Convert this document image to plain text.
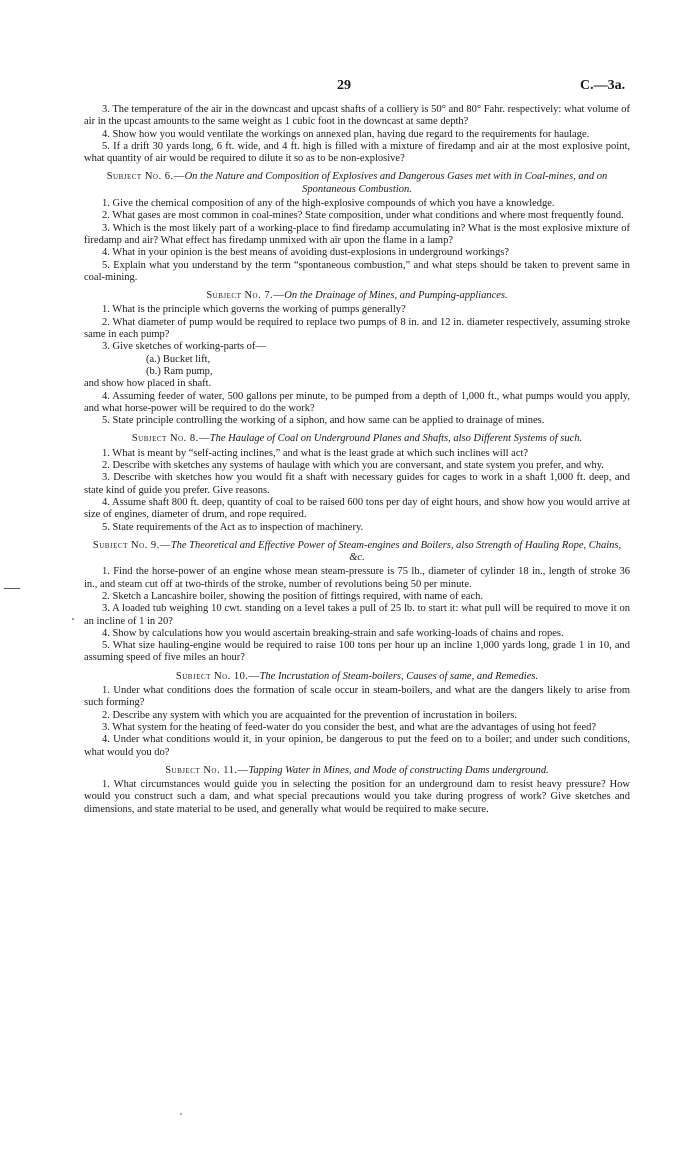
29	C.—3a.

3. The temperature of the air in the downcast and upcast shafts of a colliery is 50° and 80° Fahr. respectively: what volume of air in the upcast amounts to the same weight as 1 cubic foot in the downcast at same depth?

4. Show how you would ventilate the workings on annexed plan, having due regard to the requirements for haulage.

5. If a drift 30 yards long, 6 ft. wide, and 4 ft. high is filled with a mixture of firedamp and air at the most explosive point, what quantity of air would be required to dilute it so as to be non-explosive?

Subject No. 6.—On the Nature and Composition of Explosives and Dangerous Gases met with in Coal-mines, and on Spontaneous Combustion.

1. Give the chemical composition of any of the high-explosive compounds of which you have a knowledge.

2. What gases are most common in coal-mines? State composition, under what conditions and where most frequently found.

3. Which is the most likely part of a working-place to find firedamp accumulating in? What is the most explosive mixture of firedamp and air? What effect has firedamp unmixed with air upon the flame in a lamp?

4. What in your opinion is the best means of avoiding dust-explosions in underground workings?

5. Explain what you understand by the term “spontaneous combustion,” and what steps should be taken to prevent same in coal-mining.

Subject No. 7.—On the Drainage of Mines, and Pumping-appliances.

1. What is the principle which governs the working of pumps generally?

2. What diameter of pump would be required to replace two pumps of 8 in. and 12 in. diameter respectively, assuming stroke same in each pump?

3. Give sketches of working-parts of—

(a.) Bucket lift,

(b.) Ram pump,

and show how placed in shaft.

4. Assuming feeder of water, 500 gallons per minute, to be pumped from a depth of 1,000 ft., what pumps would you apply, and what horse-power will be required to do the work?

5. State principle controlling the working of a siphon, and how same can be applied to drainage of mines.

Subject No. 8.—The Haulage of Coal on Underground Planes and Shafts, also Different Systems of such.

1. What is meant by “self-acting inclines,” and what is the least grade at which such inclines will act?

2. Describe with sketches any systems of haulage with which you are conversant, and state system you prefer, and why.

3. Describe with sketches how you would fit a shaft with necessary guides for cages to work in a shaft 1,000 ft. deep, and state kind of guide you prefer. Give reasons.

4. Assume shaft 800 ft. deep, quantity of coal to be raised 600 tons per day of eight hours, and show how you would arrive at size of engines, diameter of drum, and rope required.

5. State requirements of the Act as to inspection of machinery.

Subject No. 9.—The Theoretical and Effective Power of Steam-engines and Boilers, also Strength of Hauling Rope, Chains, &c.

1. Find the horse-power of an engine whose mean steam-pressure is 75 lb., diameter of cylinder 18 in., length of stroke 36 in., and steam cut off at two-thirds of the stroke, number of revolutions being 50 per minute.

2. Sketch a Lancashire boiler, showing the position of fittings required, with name of each.

3. A loaded tub weighing 10 cwt. standing on a level takes a pull of 25 lb. to start it: what pull will be required to move it on an incline of 1 in 20?

4. Show by calculations how you would ascertain breaking-strain and safe working-loads of chains and ropes.

5. What size hauling-engine would be required to raise 100 tons per hour up an incline 1,000 yards long, grade 1 in 10, and assuming speed of five miles an hour?

Subject No. 10.—The Incrustation of Steam-boilers, Causes of same, and Remedies.

1. Under what conditions does the formation of scale occur in steam-boilers, and what are the dangers likely to arise from such forming?

2. Describe any system with which you are acquainted for the prevention of incrustation in boilers.

3. What system for the heating of feed-water do you consider the best, and what are the advantages of using hot feed?

4. Under what conditions would it, in your opinion, be dangerous to put the feed on to a boiler; and under such conditions, what would you do?

Subject No. 11.—Tapping Water in Mines, and Mode of constructing Dams underground.

1. What circumstances would guide you in selecting the position for an underground dam to resist heavy pressure? How would you construct such a dam, and what special precautions would you take during progress of work? Give sketches and dimensions, and state material to be used, and generally what would be required to make secure.
